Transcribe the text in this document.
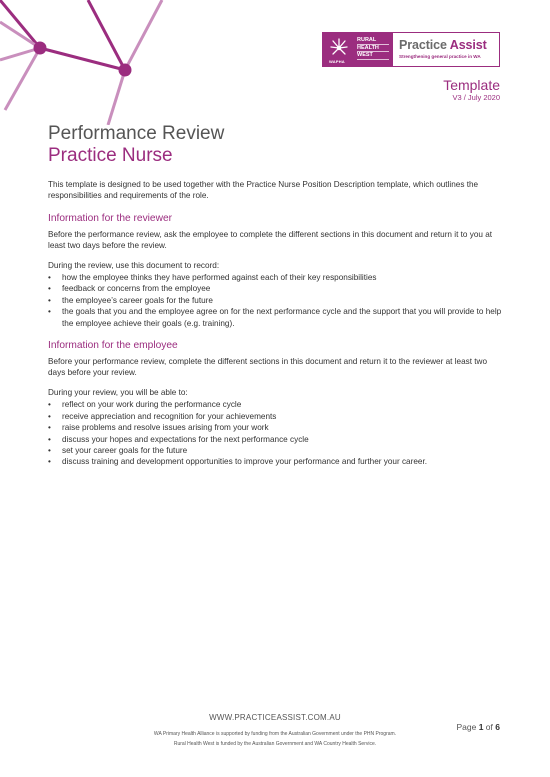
WAPHA
RURAL
HEALTH
WEST
Practice Assist
Strengthening general practice in WA
Template
V3 / July 2020
Performance Review
Practice Nurse

This template is designed to be used together with the Practice Nurse Position Description template, which outlines the responsibilities and requirements of the role.

Information for the reviewer

Before the performance review, ask the employee to complete the different sections in this document and return it to you at least two days before the review.

During the review, use this document to record:

• how the employee thinks they have performed against each of their key responsibilities
• feedback or concerns from the employee
• the employee’s career goals for the future
• the goals that you and the employee agree on for the next performance cycle and the support that you will provide to help the employee achieve their goals (e.g. training).
Information for the employee

Before your performance review, complete the different sections in this document and return it to the reviewer at least two days before your review.

During your review, you will be able to:

• reflect on your work during the performance cycle
• receive appreciation and recognition for your achievements
• raise problems and resolve issues arising from your work
• discuss your hopes and expectations for the next performance cycle
• set your career goals for the future
• discuss training and development opportunities to improve your performance and further your career.
WWW.PRACTICEASSIST.COM.AU
Page 1 of 6
WA Primary Health Alliance is supported by funding from the Australian Government under the PHN Program.
Rural Health West is funded by the Australian Government and WA Country Health Service.
